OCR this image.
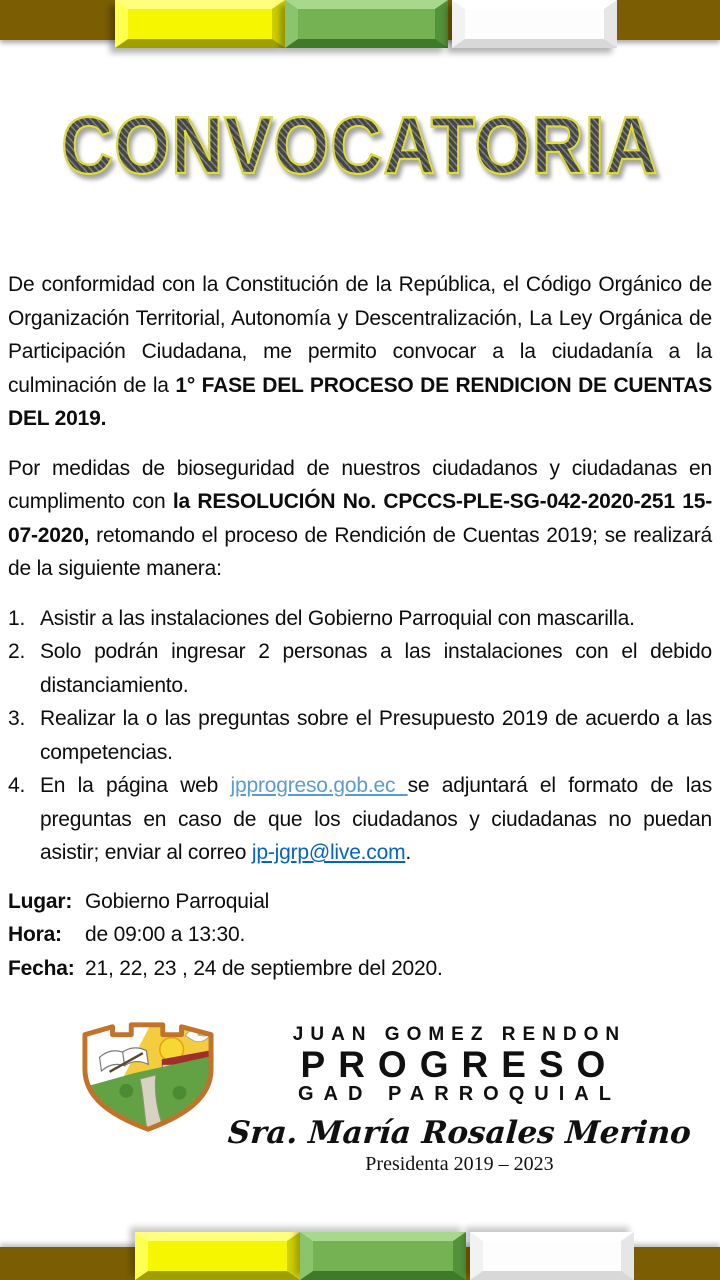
CONVOCATORIA

De conformidad con la Constitución de la República, el Código Orgánico de Organización Territorial, Autonomía y Descentralización, La Ley Orgánica de Participación Ciudadana, me permito convocar a la ciudadanía a la culminación de la 1° FASE DEL PROCESO DE RENDICION DE CUENTAS DEL 2019.

Por medidas de bioseguridad de nuestros ciudadanos y ciudadanas en cumplimento con la RESOLUCIÓN No. CPCCS-PLE-SG-042-2020-251 15-07-2020, retomando el proceso de Rendición de Cuentas 2019; se realizará de la siguiente manera:

1. Asistir a las instalaciones del Gobierno Parroquial con mascarilla.
2. Solo podrán ingresar 2 personas a las instalaciones con el debido distanciamiento.
3. Realizar la o las preguntas sobre el Presupuesto 2019 de acuerdo a las competencias.
4. En la página web jpprogreso.gob.ec se adjuntará el formato de las preguntas en caso de que los ciudadanos y ciudadanas no puedan asistir; enviar al correo jp-jgrp@live.com.
Lugar: Gobierno Parroquial
Hora:	de 09:00 a 13:30.
Fecha: 21, 22, 23 , 24 de septiembre del 2020.
JUAN GOMEZ RENDON
PROGRESO
GAD PARROQUIAL
Sra. María Rosales Merino
Presidenta 2019 – 2023
